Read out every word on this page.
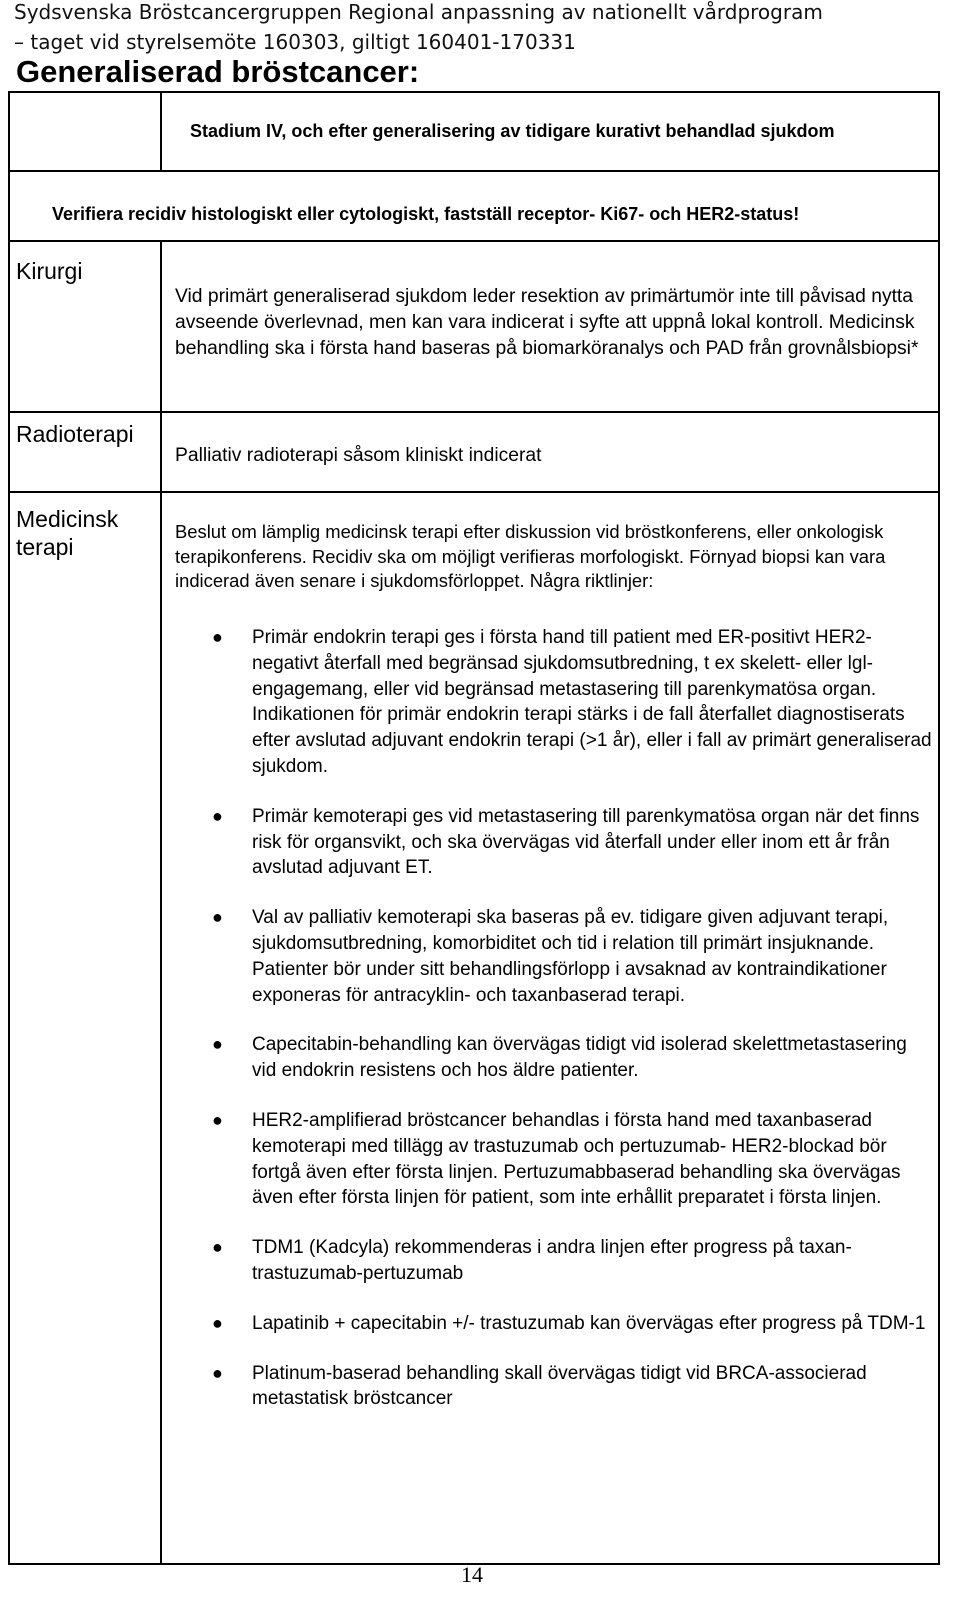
Sydsvenska Bröstcancergruppen Regional anpassning av nationellt vårdprogram
– taget vid styrelsemöte 160303, giltigt 160401-170331
Generaliserad bröstcancer:
Stadium IV, och efter generalisering av tidigare kurativt behandlad sjukdom
Verifiera recidiv histologiskt eller cytologiskt, fastställ receptor- Ki67- och HER2-status!
Kirurgi
Vid primärt generaliserad sjukdom leder resektion av primärtumör inte till påvisad nytta avseende överlevnad, men kan vara indicerat i syfte att uppnå lokal kontroll. Medicinsk behandling ska i första hand baseras på biomarköranalys och PAD från grovnålsbiopsi*
Radioterapi
Palliativ radioterapi såsom kliniskt indicerat
Medicinsk terapi
Beslut om lämplig medicinsk terapi efter diskussion vid bröstkonferens, eller onkologisk terapikonferens. Recidiv ska om möjligt verifieras morfologiskt. Förnyad biopsi kan vara indicerad även senare i sjukdomsförloppet. Några riktlinjer:
● Primär endokrin terapi ges i första hand till patient med ER-positivt HER2-negativt återfall med begränsad sjukdomsutbredning, t ex skelett- eller lgl-engagemang, eller vid begränsad metastasering till parenkymatösa organ. Indikationen för primär endokrin terapi stärks i de fall återfallet diagnostiserats efter avslutad adjuvant endokrin terapi (>1 år), eller i fall av primärt generaliserad sjukdom.
● Primär kemoterapi ges vid metastasering till parenkymatösa organ när det finns risk för organsvikt, och ska övervägas vid återfall under eller inom ett år från avslutad adjuvant ET.
● Val av palliativ kemoterapi ska baseras på ev. tidigare given adjuvant terapi, sjukdomsutbredning, komorbiditet och tid i relation till primärt insjuknande. Patienter bör under sitt behandlingsförlopp i avsaknad av kontraindikationer exponeras för antracyklin- och taxanbaserad terapi.
● Capecitabin-behandling kan övervägas tidigt vid isolerad skelettmetastasering vid endokrin resistens och hos äldre patienter.
● HER2-amplifierad bröstcancer behandlas i första hand med taxanbaserad kemoterapi med tillägg av trastuzumab och pertuzumab- HER2-blockad bör fortgå även efter första linjen. Pertuzumabbaserad behandling ska övervägas även efter första linjen för patient, som inte erhållit preparatet i första linjen.
● TDM1 (Kadcyla) rekommenderas i andra linjen efter progress på taxan-trastuzumab-pertuzumab
● Lapatinib + capecitabin +/- trastuzumab kan övervägas efter progress på TDM-1
● Platinum-baserad behandling skall övervägas tidigt vid BRCA-associerad metastatisk bröstcancer
14
